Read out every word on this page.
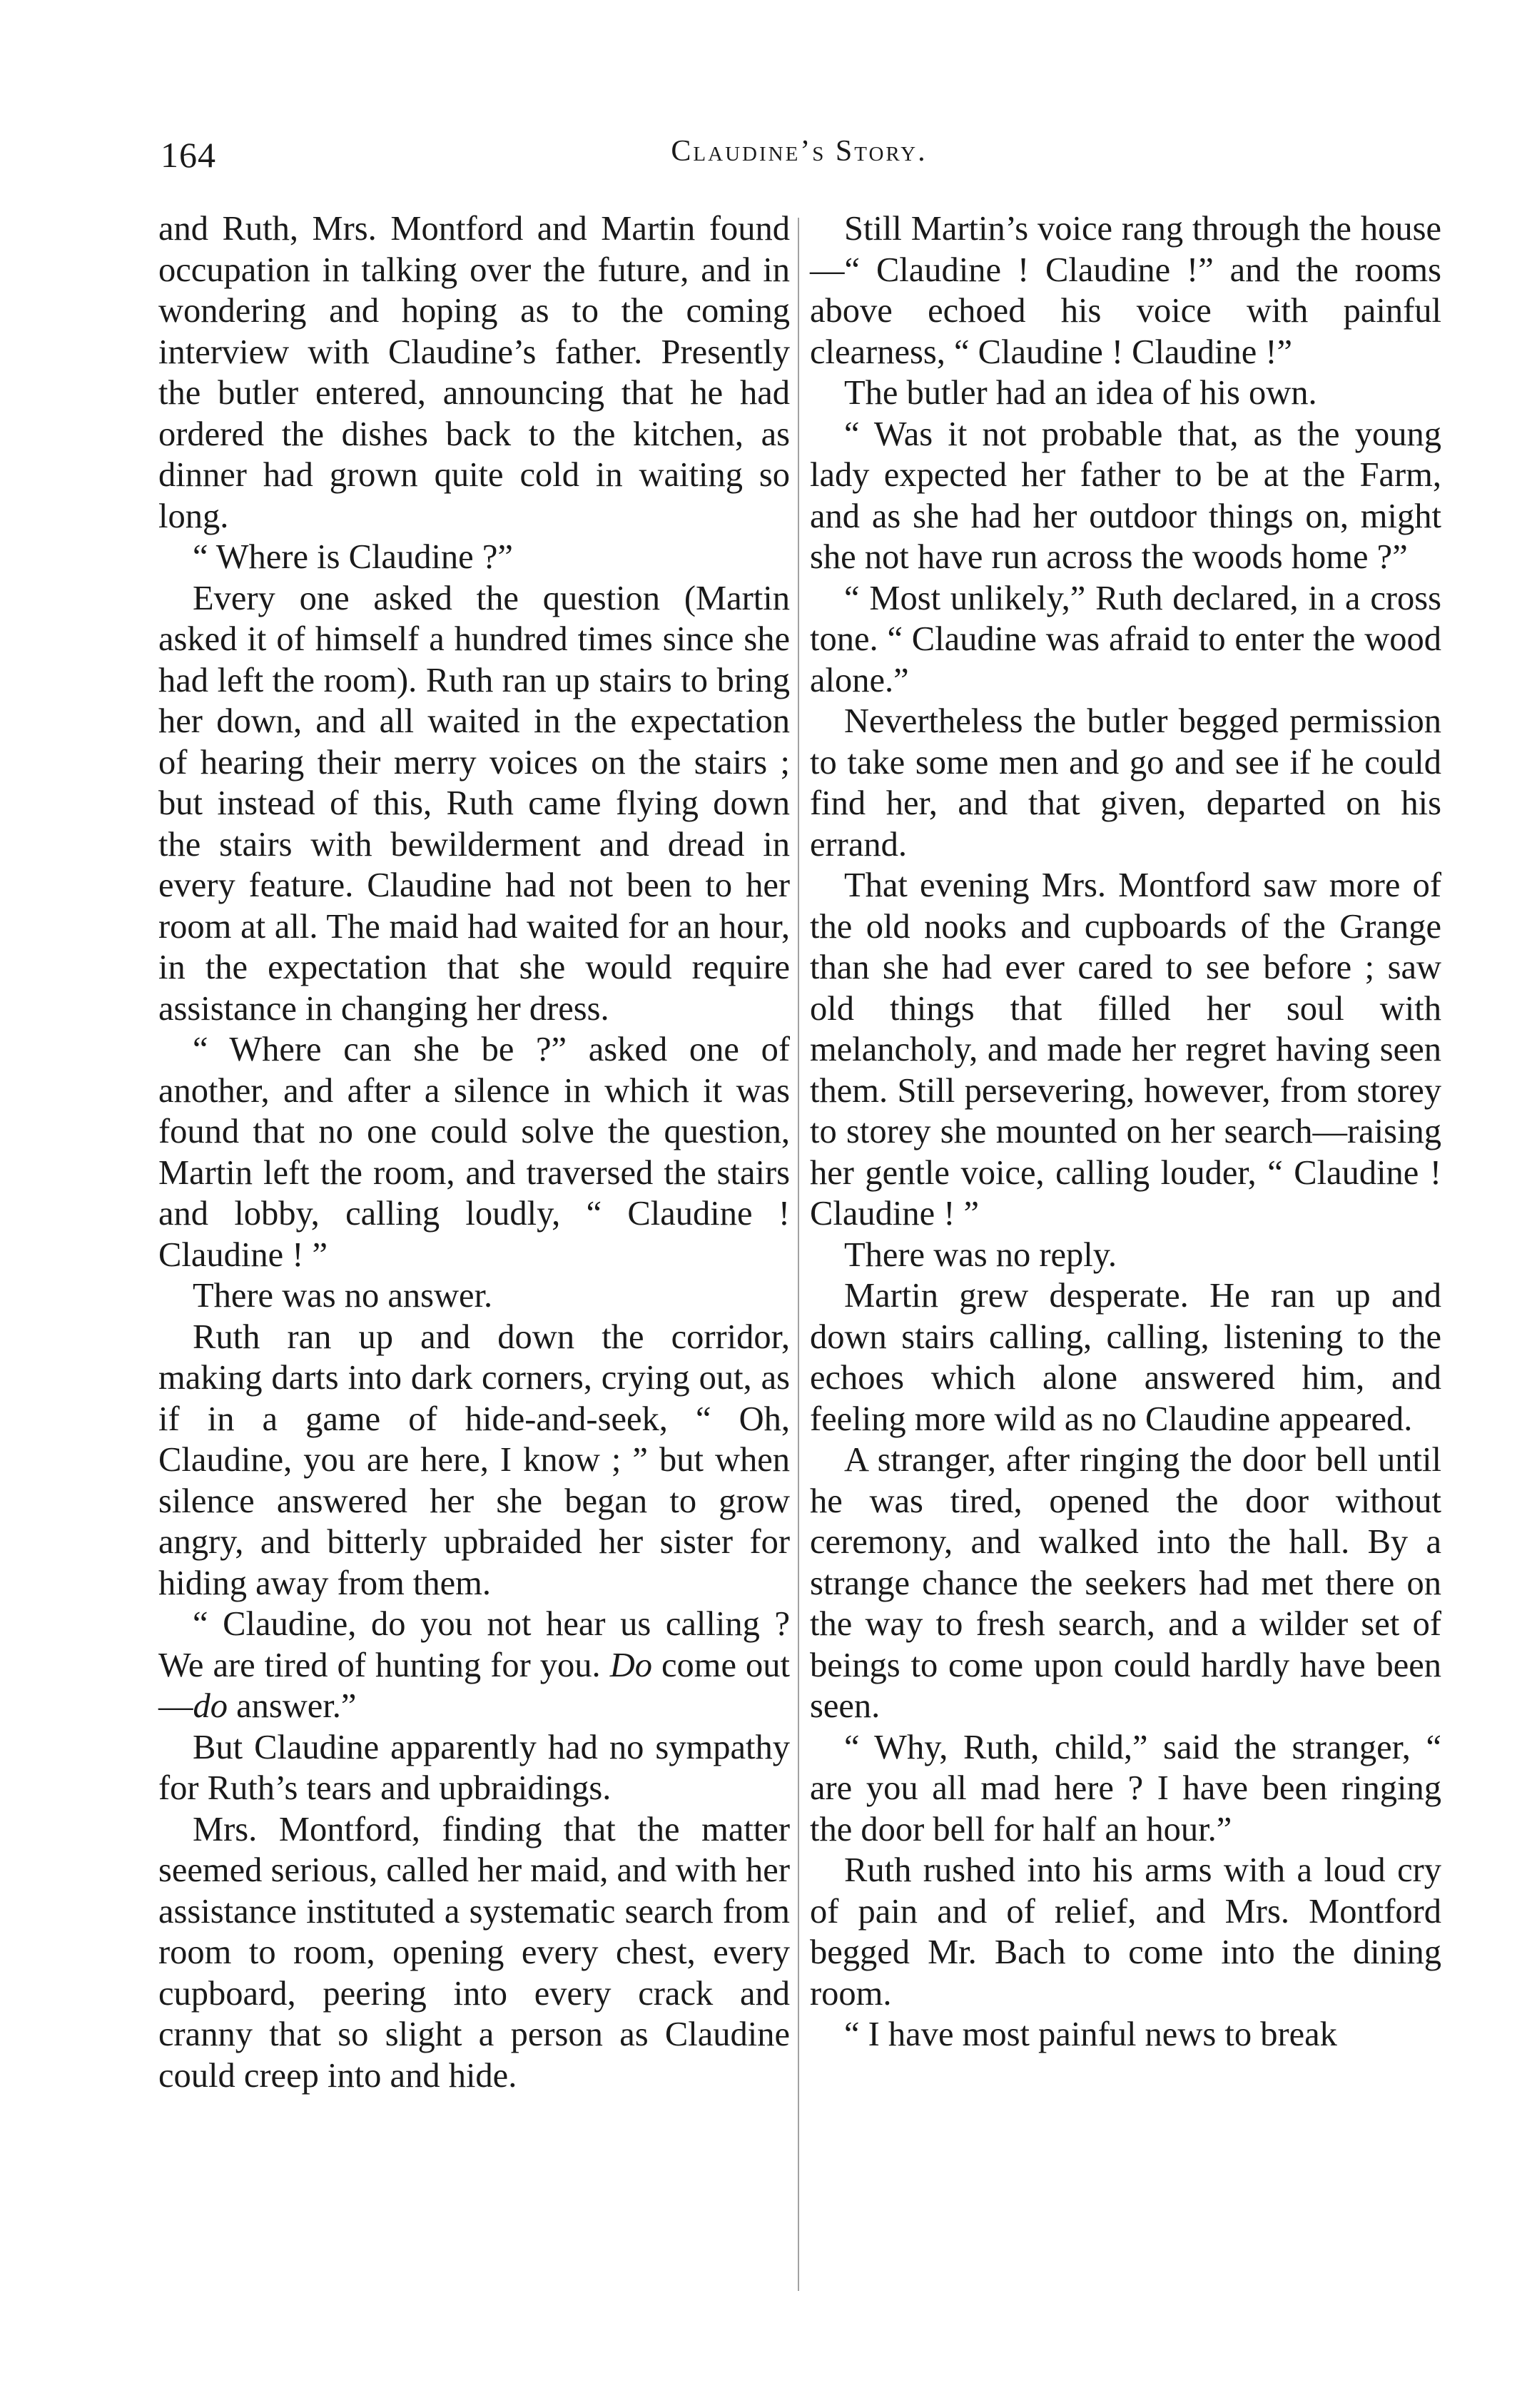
164	Claudine’s Story.

and Ruth, Mrs. Montford and Martin found occupation in talking over the future, and in wondering and hoping as to the coming interview with Claudine’s father. Presently the butler entered, announcing that he had ordered the dishes back to the kitchen, as dinner had grown quite cold in waiting so long.

“ Where is Claudine ?”

Every one asked the question (Martin asked it of himself a hundred times since she had left the room). Ruth ran up stairs to bring her down, and all waited in the expectation of hearing their merry voices on the stairs ; but instead of this, Ruth came flying down the stairs with bewilderment and dread in every feature. Claudine had not been to her room at all. The maid had waited for an hour, in the expectation that she would require assistance in changing her dress.

“ Where can she be ?” asked one of another, and after a silence in which it was found that no one could solve the question, Martin left the room, and traversed the stairs and lobby, calling loudly, “ Claudine ! Claudine ! ”

There was no answer.

Ruth ran up and down the corridor, making darts into dark corners, crying out, as if in a game of hide-and-seek, “ Oh, Claudine, you are here, I know ; ” but when silence answered her she began to grow angry, and bitterly upbraided her sister for hiding away from them.

“ Claudine, do you not hear us calling ? We are tired of hunting for you. Do come out—do answer.”

But Claudine apparently had no sympathy for Ruth’s tears and upbraidings.

Mrs. Montford, finding that the matter seemed serious, called her maid, and with her assistance instituted a systematic search from room to room, opening every chest, every cupboard, peering into every crack and cranny that so slight a person as Claudine could creep into and hide.

Still Martin’s voice rang through the house—“ Claudine ! Claudine !” and the rooms above echoed his voice with painful clearness, “ Claudine ! Claudine !”

The butler had an idea of his own.

“ Was it not probable that, as the young lady expected her father to be at the Farm, and as she had her outdoor things on, might she not have run across the woods home ?”

“ Most unlikely,” Ruth declared, in a cross tone. “ Claudine was afraid to enter the wood alone.”

Nevertheless the butler begged permission to take some men and go and see if he could find her, and that given, departed on his errand.

That evening Mrs. Montford saw more of the old nooks and cupboards of the Grange than she had ever cared to see before ; saw old things that filled her soul with melancholy, and made her regret having seen them. Still persevering, however, from storey to storey she mounted on her search—raising her gentle voice, calling louder, “ Claudine ! Claudine ! ”

There was no reply.

Martin grew desperate. He ran up and down stairs calling, calling, listening to the echoes which alone answered him, and feeling more wild as no Claudine appeared.

A stranger, after ringing the door bell until he was tired, opened the door without ceremony, and walked into the hall. By a strange chance the seekers had met there on the way to fresh search, and a wilder set of beings to come upon could hardly have been seen.

“ Why, Ruth, child,” said the stranger, “ are you all mad here ? I have been ringing the door bell for half an hour.”

Ruth rushed into his arms with a loud cry of pain and of relief, and Mrs. Montford begged Mr. Bach to come into the dining room.

“ I have most painful news to break
